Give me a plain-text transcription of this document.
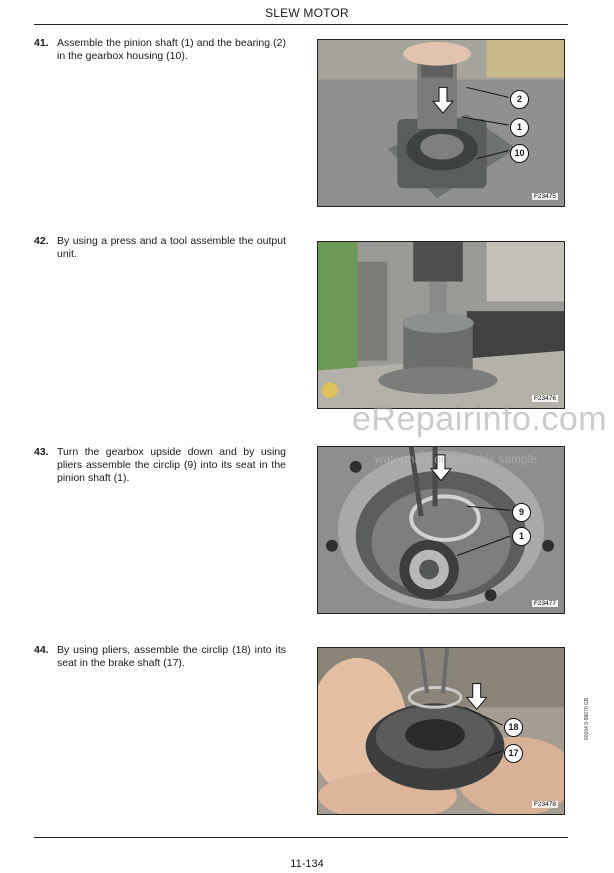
SLEW MOTOR
41. Assemble the pinion shaft (1) and the bearing (2) in the gearbox housing (10).
2
1
10
F23475
42. By using a press and a tool assemble the output unit.
F23476
43. Turn the gearbox upside down and by using pliers assemble the circlip (9) into its seat in the pinion shaft (1).
9
1
F23477
44. By using pliers, assemble the circlip (18) into its seat in the brake shaft (17).
18
17
F23478
eRepairinfo.com
watermark only on this sample
60104 9-98670 GB
11-134
